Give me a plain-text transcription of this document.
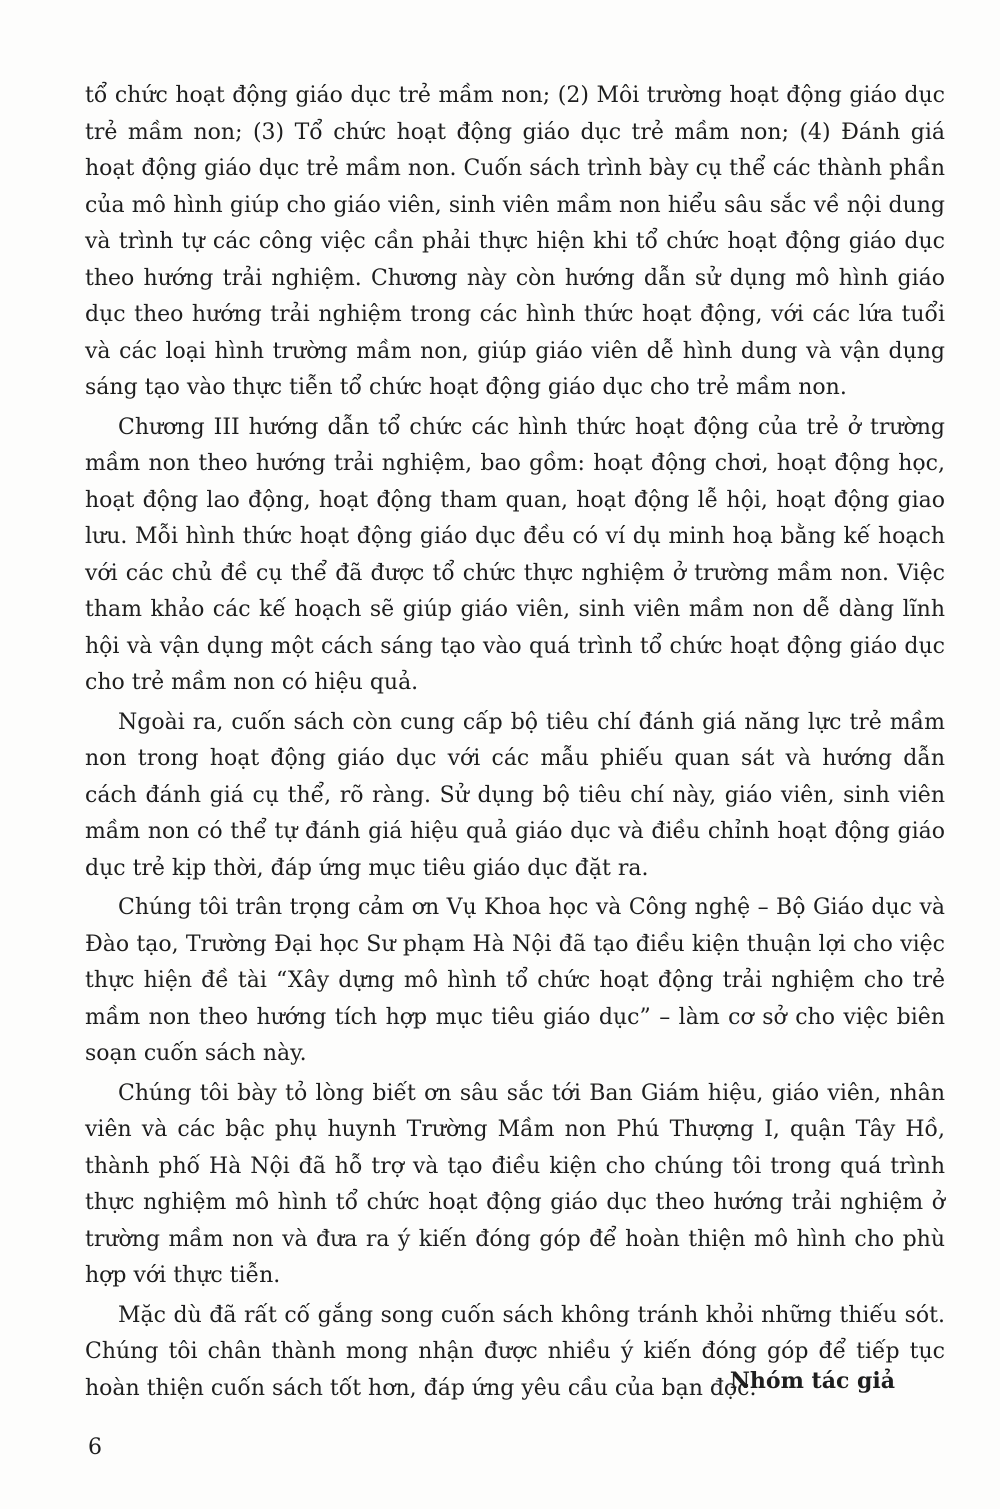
tổ chức hoạt động giáo dục trẻ mầm non; (2) Môi trường hoạt động giáo dục trẻ mầm non; (3) Tổ chức hoạt động giáo dục trẻ mầm non; (4) Đánh giá hoạt động giáo dục trẻ mầm non. Cuốn sách trình bày cụ thể các thành phần của mô hình giúp cho giáo viên, sinh viên mầm non hiểu sâu sắc về nội dung và trình tự các công việc cần phải thực hiện khi tổ chức hoạt động giáo dục theo hướng trải nghiệm. Chương này còn hướng dẫn sử dụng mô hình giáo dục theo hướng trải nghiệm trong các hình thức hoạt động, với các lứa tuổi và các loại hình trường mầm non, giúp giáo viên dễ hình dung và vận dụng sáng tạo vào thực tiễn tổ chức hoạt động giáo dục cho trẻ mầm non.

Chương III hướng dẫn tổ chức các hình thức hoạt động của trẻ ở trường mầm non theo hướng trải nghiệm, bao gồm: hoạt động chơi, hoạt động học, hoạt động lao động, hoạt động tham quan, hoạt động lễ hội, hoạt động giao lưu. Mỗi hình thức hoạt động giáo dục đều có ví dụ minh hoạ bằng kế hoạch với các chủ đề cụ thể đã được tổ chức thực nghiệm ở trường mầm non. Việc tham khảo các kế hoạch sẽ giúp giáo viên, sinh viên mầm non dễ dàng lĩnh hội và vận dụng một cách sáng tạo vào quá trình tổ chức hoạt động giáo dục cho trẻ mầm non có hiệu quả.

Ngoài ra, cuốn sách còn cung cấp bộ tiêu chí đánh giá năng lực trẻ mầm non trong hoạt động giáo dục với các mẫu phiếu quan sát và hướng dẫn cách đánh giá cụ thể, rõ ràng. Sử dụng bộ tiêu chí này, giáo viên, sinh viên mầm non có thể tự đánh giá hiệu quả giáo dục và điều chỉnh hoạt động giáo dục trẻ kịp thời, đáp ứng mục tiêu giáo dục đặt ra.

Chúng tôi trân trọng cảm ơn Vụ Khoa học và Công nghệ – Bộ Giáo dục và Đào tạo, Trường Đại học Sư phạm Hà Nội đã tạo điều kiện thuận lợi cho việc thực hiện đề tài “Xây dựng mô hình tổ chức hoạt động trải nghiệm cho trẻ mầm non theo hướng tích hợp mục tiêu giáo dục” – làm cơ sở cho việc biên soạn cuốn sách này.

Chúng tôi bày tỏ lòng biết ơn sâu sắc tới Ban Giám hiệu, giáo viên, nhân viên và các bậc phụ huynh Trường Mầm non Phú Thượng I, quận Tây Hồ, thành phố Hà Nội đã hỗ trợ và tạo điều kiện cho chúng tôi trong quá trình thực nghiệm mô hình tổ chức hoạt động giáo dục theo hướng trải nghiệm ở trường mầm non và đưa ra ý kiến đóng góp để hoàn thiện mô hình cho phù hợp với thực tiễn.

Mặc dù đã rất cố gắng song cuốn sách không tránh khỏi những thiếu sót. Chúng tôi chân thành mong nhận được nhiều ý kiến đóng góp để tiếp tục hoàn thiện cuốn sách tốt hơn, đáp ứng yêu cầu của bạn đọc.

Nhóm tác giả
6
